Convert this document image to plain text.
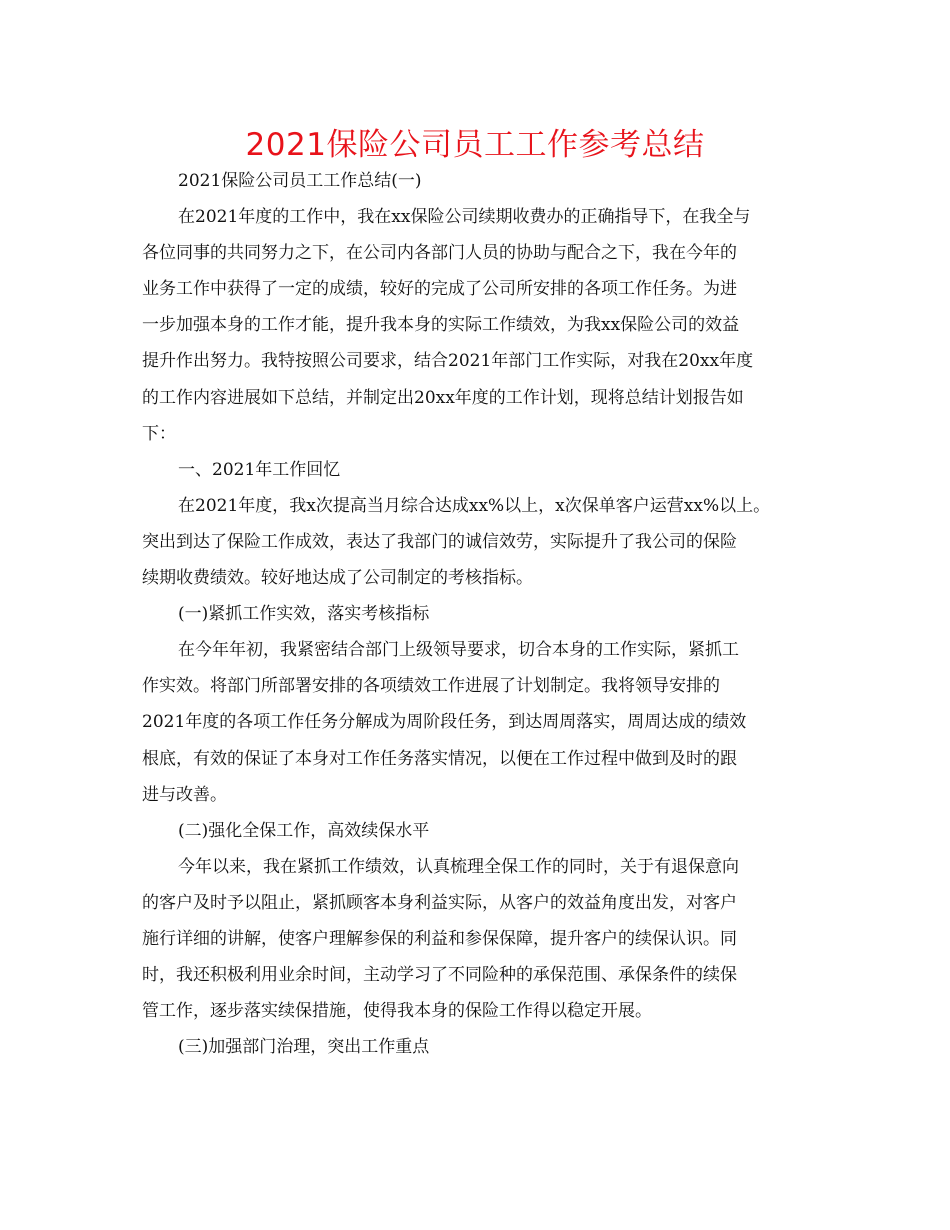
2021保险公司员工工作参考总结
2021保险公司员工工作总结(一)
在2021年度的工作中，我在xx保险公司续期收费办的正确指导下，在我全与
各位同事的共同努力之下，在公司内各部门人员的协助与配合之下，我在今年的
业务工作中获得了一定的成绩，较好的完成了公司所安排的各项工作任务。为进
一步加强本身的工作才能，提升我本身的实际工作绩效，为我xx保险公司的效益
提升作出努力。我特按照公司要求，结合2021年部门工作实际，对我在20xx年度
的工作内容进展如下总结，并制定出20xx年度的工作计划，现将总结计划报告如
下：
一、2021年工作回忆
在2021年度，我x次提高当月综合达成xx%以上，x次保单客户运营xx%以上。
突出到达了保险工作成效，表达了我部门的诚信效劳，实际提升了我公司的保险
续期收费绩效。较好地达成了公司制定的考核指标。
(一)紧抓工作实效，落实考核指标
在今年年初，我紧密结合部门上级领导要求，切合本身的工作实际，紧抓工
作实效。将部门所部署安排的各项绩效工作进展了计划制定。我将领导安排的
2021年度的各项工作任务分解成为周阶段任务，到达周周落实，周周达成的绩效
根底，有效的保证了本身对工作任务落实情况，以便在工作过程中做到及时的跟
进与改善。
(二)强化全保工作，高效续保水平
今年以来，我在紧抓工作绩效，认真梳理全保工作的同时，关于有退保意向
的客户及时予以阻止，紧抓顾客本身利益实际，从客户的效益角度出发，对客户
施行详细的讲解，使客户理解参保的利益和参保保障，提升客户的续保认识。同
时，我还积极利用业余时间，主动学习了不同险种的承保范围、承保条件的续保
管工作，逐步落实续保措施，使得我本身的保险工作得以稳定开展。
(三)加强部门治理，突出工作重点
